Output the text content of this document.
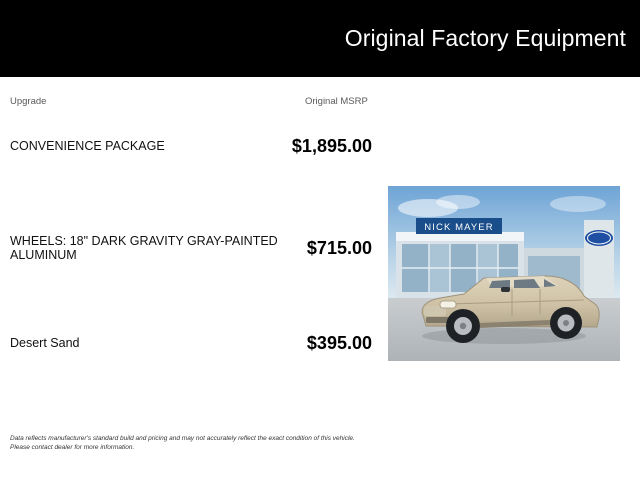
Original Factory Equipment
Upgrade	Original MSRP
CONVENIENCE PACKAGE	$1,895.00
WHEELS: 18" DARK GRAVITY GRAY-PAINTED ALUMINUM	$715.00
Desert Sand	$395.00
NICK MAYER
Data reflects manufacturer's standard build and pricing and may not accurately reflect the exact condition of this vehicle.
Please contact dealer for more information.
